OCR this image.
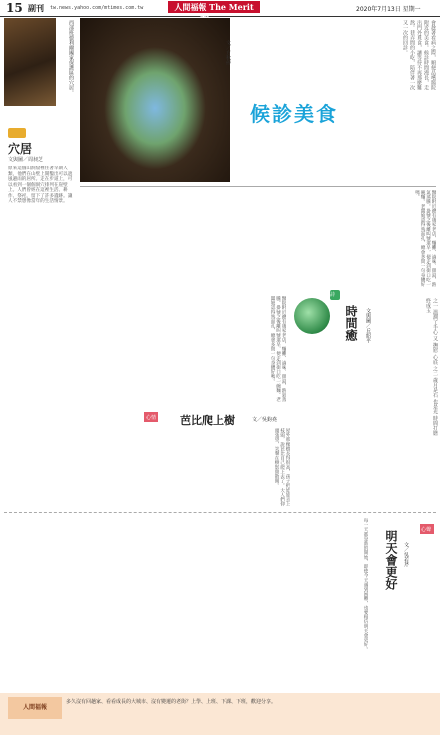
15 副刊 tw.news.yahoo.com/mtimes.com.tw	人間福報 The Merit	2020年7月13日 星期一
西部班德利爾國家保護區的穴居。	會趁著看病之際，順便品嚐醫院附近的美食。候診時間漫長，走出門外覓食，讓等待不再那麼難熬。巷弄間的小吃，陪伴著一次又一次的回診。
文／方秋停
候診美食
醫院附近總有幾家老店，麵攤、滷味、甜湯，熱氣蒸騰。掛號之後離叫號還早，便走到街口吃一碗麵。老闆娘認得熟面孔，總會多問一句身體好嗎。
穴居
文與圖／周昶芝
原來這個山洞窟裡住著早期人類，他們在山壁上開鑿出可以遮風避雨的居所。走在步道上，可以看到一個個洞穴排列在崖壁上。人們曾經在這裡生活、耕作、祭祀，留下了許多遺跡。讓人不禁想像當年的生活情景。
醫院附近總有幾家老店，麵攤、滷味、甜湯，熱氣蒸騰。掛號之後離叫號還早，便走到街口吃一碗麵。老闆娘認得熟面孔，總會多問一句身體好嗎。
詩
時間癒	文與圖／丘紹平	之一 溫潤了手心 又 撫慰 心底 之二 歲月是石 也是光 時間打磨 終成玉
心情 芭比爬上樹	文／吳鈞堯
屋外那棵樹長得很高，孩子把娃娃丟上枝頭，說芭比自己爬上去了。大人們仰頭張望，笑聲在樹影間散開。
心聲
明天會更好	文／吳若芹
每一天都是新的開始，即使今天遇到困難，也要相信明天會更好。
人間福報
多久沒有回趟家、看看成長的大城市、沒有變遷的老街？上學、上班、下課、下班，歡迎分享。
